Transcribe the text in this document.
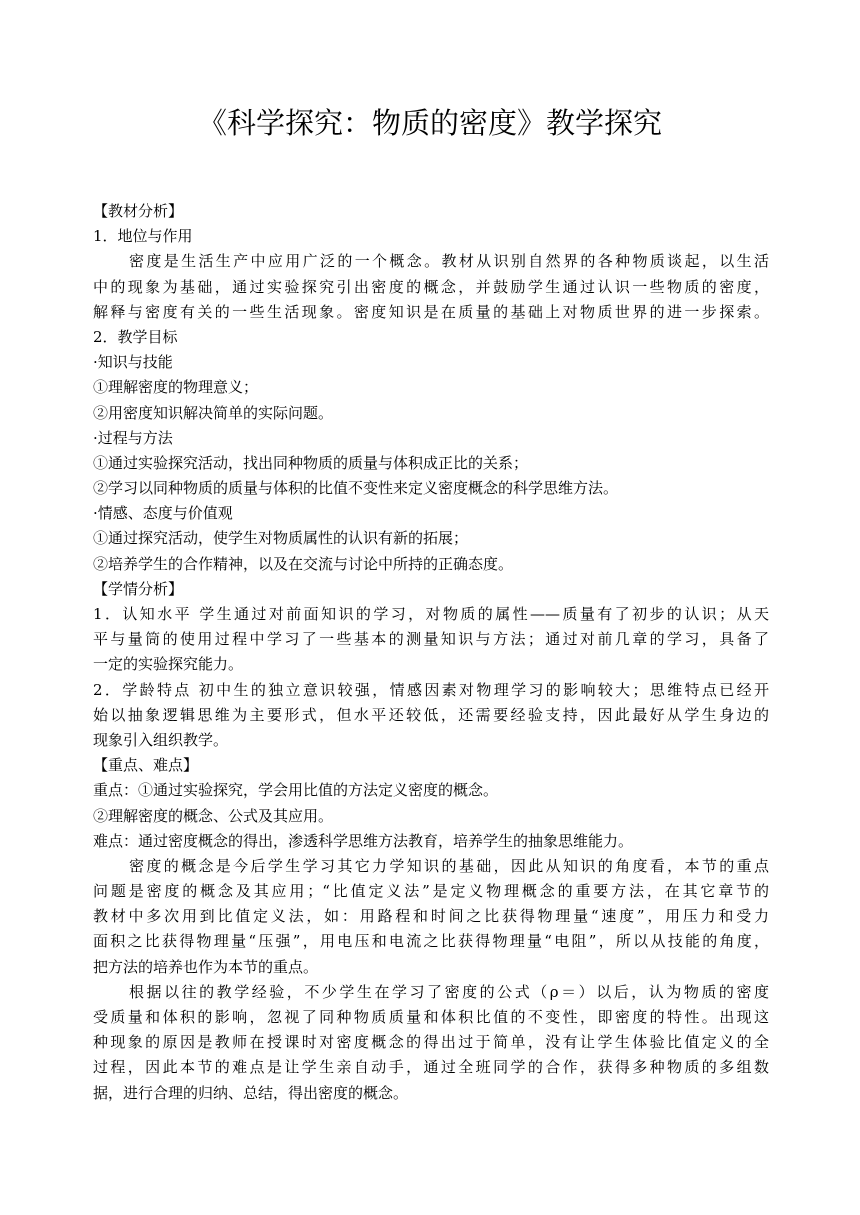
《科学探究：物质的密度》教学探究
【教材分析】
1．地位与作用
密度是生活生产中应用广泛的一个概念。教材从识别自然界的各种物质谈起，以生活
中的现象为基础，通过实验探究引出密度的概念，并鼓励学生通过认识一些物质的密度，
解释与密度有关的一些生活现象。密度知识是在质量的基础上对物质世界的进一步探索。
2．教学目标
·知识与技能
①理解密度的物理意义；
②用密度知识解决简单的实际问题。
·过程与方法
①通过实验探究活动，找出同种物质的质量与体积成正比的关系；
②学习以同种物质的质量与体积的比值不变性来定义密度概念的科学思维方法。
·情感、态度与价值观
①通过探究活动，使学生对物质属性的认识有新的拓展；
②培养学生的合作精神，以及在交流与讨论中所持的正确态度。
【学情分析】
1．认知水平 学生通过对前面知识的学习，对物质的属性——质量有了初步的认识；从天
平与量筒的使用过程中学习了一些基本的测量知识与方法；通过对前几章的学习，具备了
一定的实验探究能力。
2．学龄特点 初中生的独立意识较强，情感因素对物理学习的影响较大；思维特点已经开
始以抽象逻辑思维为主要形式，但水平还较低，还需要经验支持，因此最好从学生身边的
现象引入组织教学。
【重点、难点】
重点：①通过实验探究，学会用比值的方法定义密度的概念。
②理解密度的概念、公式及其应用。
难点：通过密度概念的得出，渗透科学思维方法教育，培养学生的抽象思维能力。
密度的概念是今后学生学习其它力学知识的基础，因此从知识的角度看，本节的重点
问题是密度的概念及其应用；“比值定义法”是定义物理概念的重要方法，在其它章节的
教材中多次用到比值定义法，如：用路程和时间之比获得物理量“速度”，用压力和受力
面积之比获得物理量“压强”，用电压和电流之比获得物理量“电阻”，所以从技能的角度，
把方法的培养也作为本节的重点。
根据以往的教学经验，不少学生在学习了密度的公式（ρ＝）以后，认为物质的密度
受质量和体积的影响，忽视了同种物质质量和体积比值的不变性，即密度的特性。出现这
种现象的原因是教师在授课时对密度概念的得出过于简单，没有让学生体验比值定义的全
过程，因此本节的难点是让学生亲自动手，通过全班同学的合作，获得多种物质的多组数
据，进行合理的归纳、总结，得出密度的概念。
